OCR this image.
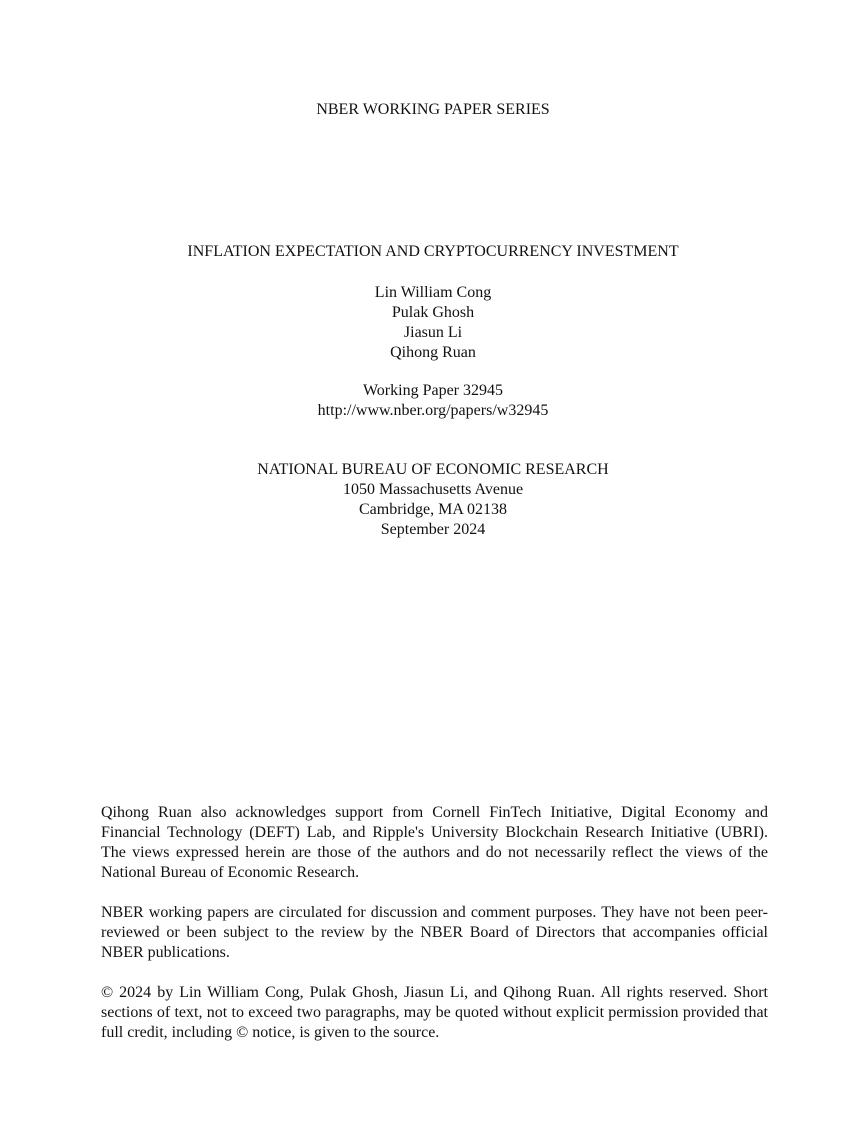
NBER WORKING PAPER SERIES
INFLATION EXPECTATION AND CRYPTOCURRENCY INVESTMENT
Lin William Cong
Pulak Ghosh
Jiasun Li
Qihong Ruan
Working Paper 32945
http://www.nber.org/papers/w32945
NATIONAL BUREAU OF ECONOMIC RESEARCH
1050 Massachusetts Avenue
Cambridge, MA 02138
September 2024

Qihong Ruan also acknowledges support from Cornell FinTech Initiative, Digital Economy and Financial Technology (DEFT) Lab, and Ripple's University Blockchain Research Initiative (UBRI). The views expressed herein are those of the authors and do not necessarily reflect the views of the National Bureau of Economic Research.

NBER working papers are circulated for discussion and comment purposes. They have not been peer-reviewed or been subject to the review by the NBER Board of Directors that accompanies official NBER publications.

© 2024 by Lin William Cong, Pulak Ghosh, Jiasun Li, and Qihong Ruan. All rights reserved. Short sections of text, not to exceed two paragraphs, may be quoted without explicit permission provided that full credit, including © notice, is given to the source.
